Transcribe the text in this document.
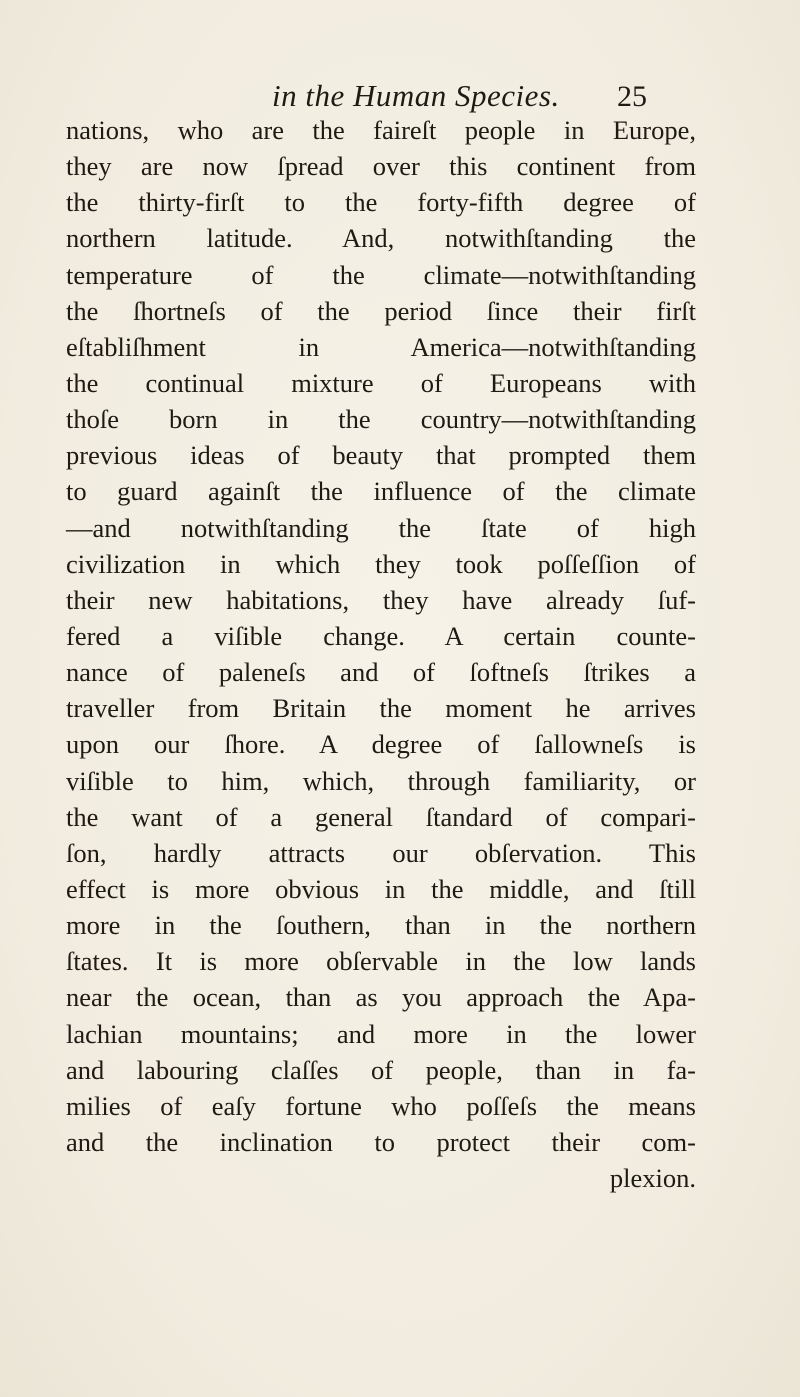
in the Human Species. 25
nations, who are the faireſt people in Europe,
they are now ſpread over this continent from
the thirty-firſt to the forty-fifth degree of
northern latitude. And, notwithſtanding the
temperature of the climate—notwithſtanding
the ſhortneſs of the period ſince their firſt
eſtabliſhment in America—notwithſtanding
the continual mixture of Europeans with
thoſe born in the country—notwithſtanding
previous ideas of beauty that prompted them
to guard againſt the influence of the climate
—and notwithſtanding the ſtate of high
civilization in which they took poſſeſſion of
their new habitations, they have already ſuf-
fered a viſible change. A certain counte-
nance of paleneſs and of ſoftneſs ſtrikes a
traveller from Britain the moment he arrives
upon our ſhore. A degree of ſallowneſs is
viſible to him, which, through familiarity, or
the want of a general ſtandard of compari-
ſon, hardly attracts our obſervation. This
effect is more obvious in the middle, and ſtill
more in the ſouthern, than in the northern
ſtates. It is more obſervable in the low lands
near the ocean, than as you approach the Apa-
lachian mountains; and more in the lower
and labouring claſſes of people, than in fa-
milies of eaſy fortune who poſſeſs the means
and the inclination to protect their com-
plexion.
